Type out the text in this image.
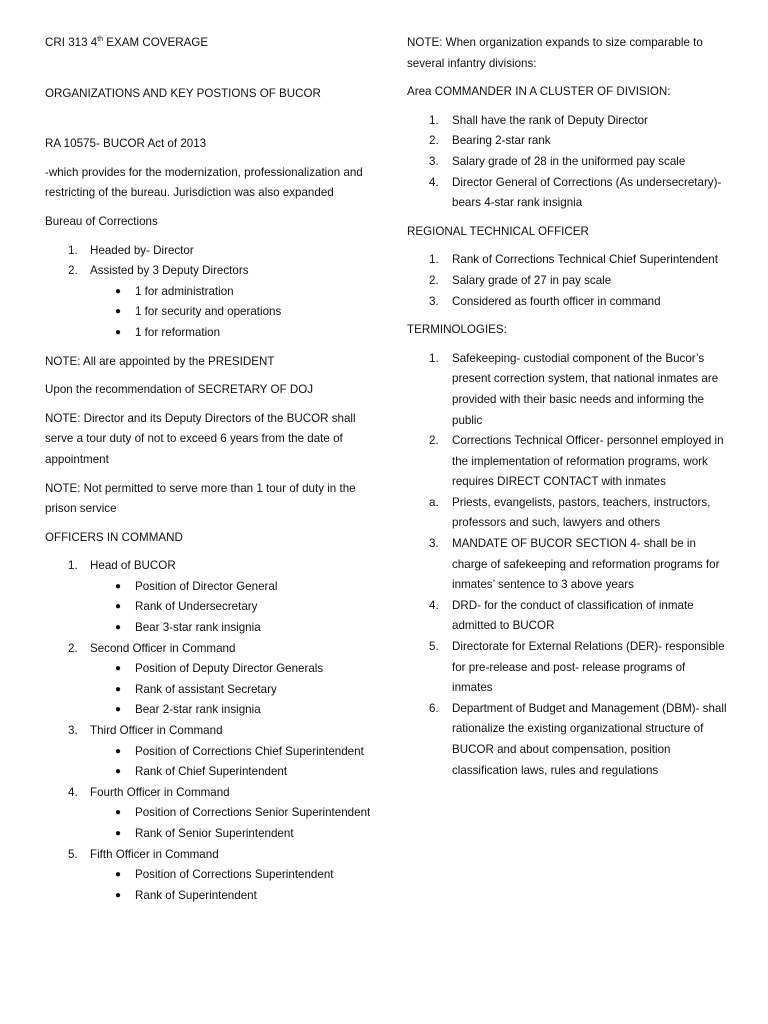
CRI 313 4th EXAM COVERAGE

ORGANIZATIONS AND KEY POSTIONS OF BUCOR

RA 10575- BUCOR Act of 2013

-which provides for the modernization, professionalization and restricting of the bureau. Jurisdiction was also expanded

Bureau of Corrections

1. Headed by- Director
2. Assisted by 3 Deputy Directors
● 1 for administration
● 1 for security and operations
● 1 for reformation

NOTE: All are appointed by the PRESIDENT

Upon the recommendation of SECRETARY OF DOJ

NOTE: Director and its Deputy Directors of the BUCOR shall serve a tour duty of not to exceed 6 years from the date of appointment

NOTE: Not permitted to serve more than 1 tour of duty in the prison service

OFFICERS IN COMMAND

1. Head of BUCOR
● Position of Director General
● Rank of Undersecretary
● Bear 3-star rank insignia
2. Second Officer in Command
● Position of Deputy Director Generals
● Rank of assistant Secretary
● Bear 2-star rank insignia
3. Third Officer in Command
● Position of Corrections Chief Superintendent
● Rank of Chief Superintendent
4. Fourth Officer in Command
● Position of Corrections Senior Superintendent
● Rank of Senior Superintendent
5. Fifth Officer in Command
● Position of Corrections Superintendent
● Rank of Superintendent

NOTE: When organization expands to size comparable to several infantry divisions:

Area COMMANDER IN A CLUSTER OF DIVISION:

1. Shall have the rank of Deputy Director
2. Bearing 2-star rank
3. Salary grade of 28 in the uniformed pay scale
4. Director General of Corrections (As undersecretary)- bears 4-star rank insignia

REGIONAL TECHNICAL OFFICER

1. Rank of Corrections Technical Chief Superintendent
2. Salary grade of 27 in pay scale
3. Considered as fourth officer in command

TERMINOLOGIES:

1. Safekeeping- custodial component of the Bucor’s present correction system, that national inmates are provided with their basic needs and informing the public
2. Corrections Technical Officer- personnel employed in the implementation of reformation programs, work requires DIRECT CONTACT with inmates
a. Priests, evangelists, pastors, teachers, instructors, professors and such, lawyers and others
3. MANDATE OF BUCOR SECTION 4- shall be in charge of safekeeping and reformation programs for inmates’ sentence to 3 above years
4. DRD- for the conduct of classification of inmate admitted to BUCOR
5. Directorate for External Relations (DER)- responsible for pre-release and post- release programs of inmates
6. Department of Budget and Management (DBM)- shall rationalize the existing organizational structure of BUCOR and about compensation, position classification laws, rules and regulations
